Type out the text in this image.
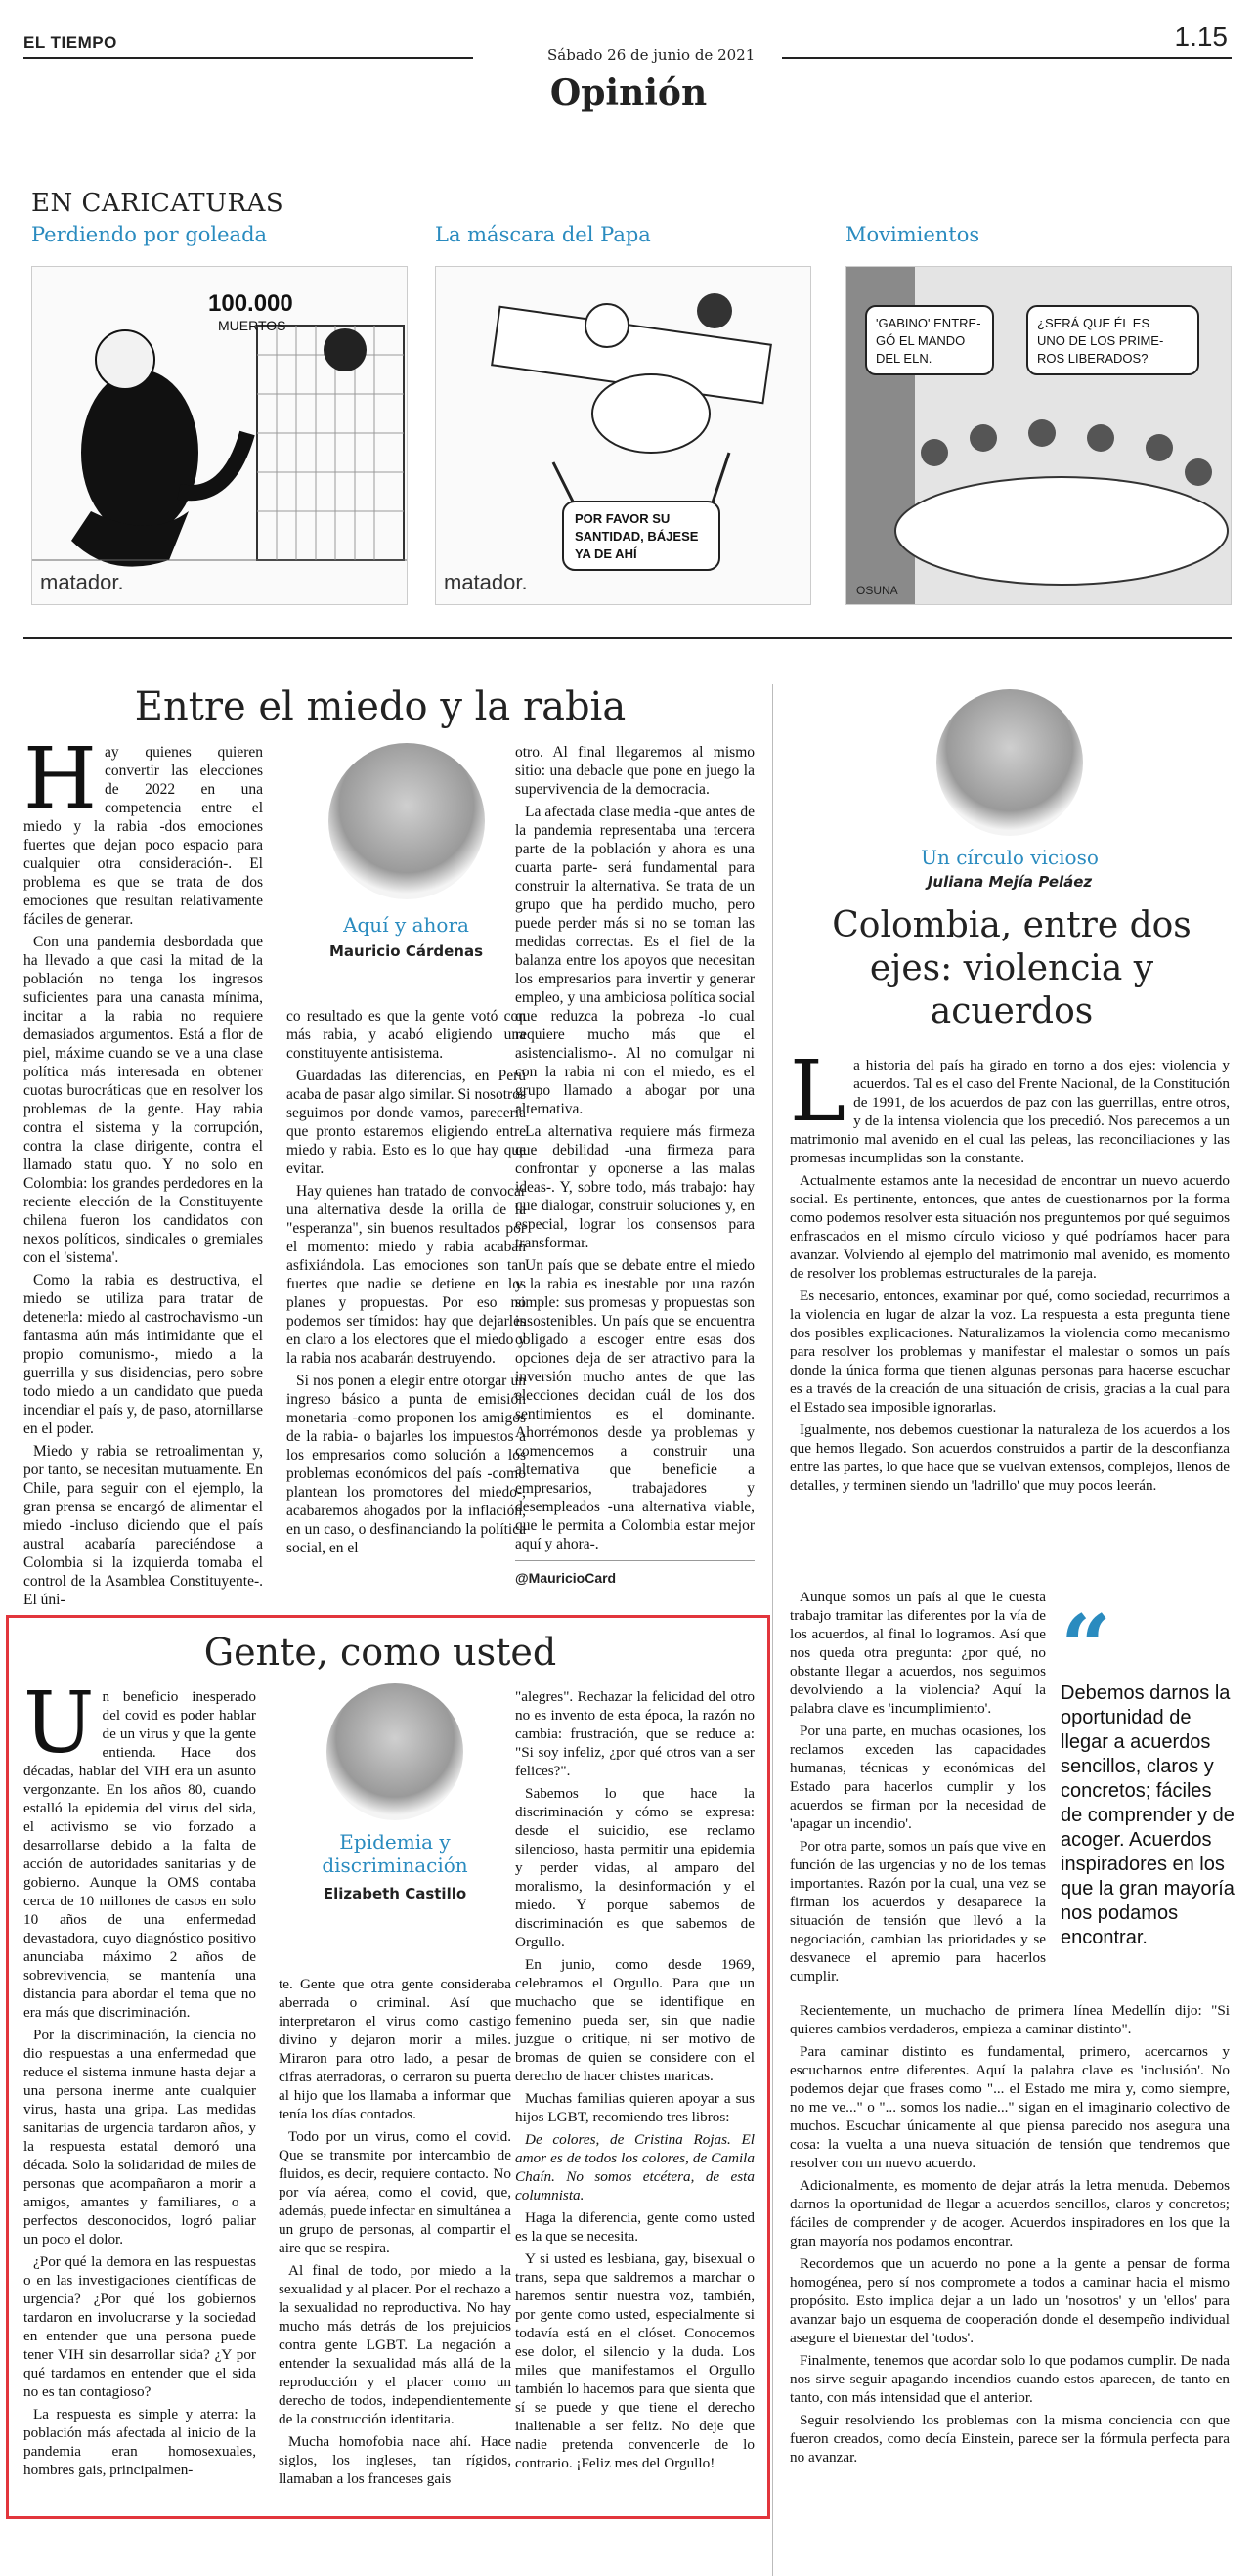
EL TIEMPO
Sábado 26 de junio de 2021
1.15
Opinión
EN CARICATURAS
Perdiendo por goleada
100.000
MUERTOS
matador.
La máscara del Papa
POR FAVOR SU
SANTIDAD, BÁJESE
YA DE AHÍ
matador.
Movimientos
'GABINO' ENTRE-
GÓ EL MANDO
DEL ELN.
¿SERÁ QUE ÉL ES
UNO DE LOS PRIME-
ROS LIBERADOS?
OSUNA
Entre el miedo y la rabia

Hay quienes quieren convertir las elecciones de 2022 en una competencia entre el miedo y la rabia -dos emociones fuertes que dejan poco espacio para cualquier otra consideración-. El problema es que se trata de dos emociones que resultan relativamente fáciles de generar.

Con una pandemia desbordada que ha llevado a que casi la mitad de la población no tenga los ingresos suficientes para una canasta mínima, incitar a la rabia no requiere demasiados argumentos. Está a flor de piel, máxime cuando se ve a una clase política más interesada en obtener cuotas burocráticas que en resolver los problemas de la gente. Hay rabia contra el sistema y la corrupción, contra la clase dirigente, contra el llamado statu quo. Y no solo en Colombia: los grandes perdedores en la reciente elección de la Constituyente chilena fueron los candidatos con nexos políticos, sindicales o gremiales con el 'sistema'.

Como la rabia es destructiva, el miedo se utiliza para tratar de detenerla: miedo al castrochavismo -un fantasma aún más intimidante que el propio comunismo-, miedo a la guerrilla y sus disidencias, pero sobre todo miedo a un candidato que pueda incendiar el país y, de paso, atornillarse en el poder.

Miedo y rabia se retroalimentan y, por tanto, se necesitan mutuamente. En Chile, para seguir con el ejemplo, la gran prensa se encargó de alimentar el miedo -incluso diciendo que el país austral acabaría pareciéndose a Colombia si la izquierda tomaba el control de la Asamblea Constituyente-. El úni-

Aquí y ahora
Mauricio Cárdenas

co resultado es que la gente votó con más rabia, y acabó eligiendo una constituyente antisistema.

Guardadas las diferencias, en Perú acaba de pasar algo similar. Si nosotros seguimos por donde vamos, parecería que pronto estaremos eligiendo entre miedo y rabia. Esto es lo que hay que evitar.

Hay quienes han tratado de convocar una alternativa desde la orilla de la "esperanza", sin buenos resultados por el momento: miedo y rabia acaban asfixiándola. Las emociones son tan fuertes que nadie se detiene en los planes y propuestas. Por eso no podemos ser tímidos: hay que dejarles en claro a los electores que el miedo y la rabia nos acabarán destruyendo.

Si nos ponen a elegir entre otorgar un ingreso básico a punta de emisión monetaria -como proponen los amigos de la rabia- o bajarles los impuestos a los empresarios como solución a los problemas económicos del país -como plantean los promotores del miedo-, acabaremos ahogados por la inflación, en un caso, o desfinanciando la política social, en el

otro. Al final llegaremos al mismo sitio: una debacle que pone en juego la supervivencia de la democracia.

La afectada clase media -que antes de la pandemia representaba una tercera parte de la población y ahora es una cuarta parte- será fundamental para construir la alternativa. Se trata de un grupo que ha perdido mucho, pero puede perder más si no se toman las medidas correctas. Es el fiel de la balanza entre los apoyos que necesitan los empresarios para invertir y generar empleo, y una ambiciosa política social que reduzca la pobreza -lo cual requiere mucho más que el asistencialismo-. Al no comulgar ni con la rabia ni con el miedo, es el grupo llamado a abogar por una alternativa.

La alternativa requiere más firmeza que debilidad -una firmeza para confrontar y oponerse a las malas ideas-. Y, sobre todo, más trabajo: hay que dialogar, construir soluciones y, en especial, lograr los consensos para transformar.

Un país que se debate entre el miedo y la rabia es inestable por una razón simple: sus promesas y propuestas son insostenibles. Un país que se encuentra obligado a escoger entre esas dos opciones deja de ser atractivo para la inversión mucho antes de que las elecciones decidan cuál de los dos sentimientos es el dominante. Ahorrémonos desde ya problemas y comencemos a construir una alternativa que beneficie a empresarios, trabajadores y desempleados -una alternativa viable, que le permita a Colombia estar mejor aquí y ahora-.

@MauricioCard
Un círculo vicioso
Juliana Mejía Peláez
Colombia, entre dos ejes: violencia y acuerdos

La historia del país ha girado en torno a dos ejes: violencia y acuerdos. Tal es el caso del Frente Nacional, de la Constitución de 1991, de los acuerdos de paz con las guerrillas, entre otros, y de la intensa violencia que los precedió. Nos parecemos a un matrimonio mal avenido en el cual las peleas, las reconciliaciones y las promesas incumplidas son la constante.

Actualmente estamos ante la necesidad de encontrar un nuevo acuerdo social. Es pertinente, entonces, que antes de cuestionarnos por la forma como podemos resolver esta situación nos preguntemos por qué seguimos enfrascados en el mismo círculo vicioso y qué podríamos hacer para avanzar. Volviendo al ejemplo del matrimonio mal avenido, es momento de resolver los problemas estructurales de la pareja.

Es necesario, entonces, examinar por qué, como sociedad, recurrimos a la violencia en lugar de alzar la voz. La respuesta a esta pregunta tiene dos posibles explicaciones. Naturalizamos la violencia como mecanismo para resolver los problemas y manifestar el malestar o somos un país donde la única forma que tienen algunas personas para hacerse escuchar es a través de la creación de una situación de crisis, gracias a la cual para el Estado sea imposible ignorarlas.

Igualmente, nos debemos cuestionar la naturaleza de los acuerdos a los que hemos llegado. Son acuerdos construidos a partir de la desconfianza entre las partes, lo que hace que se vuelvan extensos, complejos, llenos de detalles, y terminen siendo un 'ladrillo' que muy pocos leerán.

Aunque somos un país al que le cuesta trabajo tramitar las diferentes por la vía de los acuerdos, al final lo logramos. Así que nos queda otra pregunta: ¿por qué, no obstante llegar a acuerdos, nos seguimos devolviendo a la violencia? Aquí la palabra clave es 'incumplimiento'.

Por una parte, en muchas ocasiones, los reclamos exceden las capacidades humanas, técnicas y económicas del Estado para hacerlos cumplir y los acuerdos se firman por la necesidad de 'apagar un incendio'.

Por otra parte, somos un país que vive en función de las urgencias y no de los temas importantes. Razón por la cual, una vez se firman los acuerdos y desaparece la situación de tensión que llevó a la negociación, cambian las prioridades y se desvanece el apremio para hacerlos cumplir.

“
Debemos darnos la oportunidad de llegar a acuerdos sencillos, claros y concretos; fáciles de comprender y de acoger. Acuerdos inspiradores en los que la gran mayoría nos podamos encontrar.

Recientemente, un muchacho de primera línea Medellín dijo: "Si quieres cambios verdaderos, empieza a caminar distinto".

Para caminar distinto es fundamental, primero, acercarnos y escucharnos entre diferentes. Aquí la palabra clave es 'inclusión'. No podemos dejar que frases como "... el Estado me mira y, como siempre, no me ve..." o "... somos los nadie..." sigan en el imaginario colectivo de muchos. Escuchar únicamente al que piensa parecido nos asegura una cosa: la vuelta a una nueva situación de tensión que tendremos que resolver con un nuevo acuerdo.

Adicionalmente, es momento de dejar atrás la letra menuda. Debemos darnos la oportunidad de llegar a acuerdos sencillos, claros y concretos; fáciles de comprender y de acoger. Acuerdos inspiradores en los que la gran mayoría nos podamos encontrar.

Recordemos que un acuerdo no pone a la gente a pensar de forma homogénea, pero sí nos compromete a todos a caminar hacia el mismo propósito. Esto implica dejar a un lado un 'nosotros' y un 'ellos' para avanzar bajo un esquema de cooperación donde el desempeño individual asegure el bienestar del 'todos'.

Finalmente, tenemos que acordar solo lo que podamos cumplir. De nada nos sirve seguir apagando incendios cuando estos aparecen, de tanto en tanto, con más intensidad que el anterior.

Seguir resolviendo los problemas con la misma conciencia con que fueron creados, como decía Einstein, parece ser la fórmula perfecta para no avanzar.

Gente, como usted

Un beneficio inesperado del covid es poder hablar de un virus y que la gente entienda. Hace dos décadas, hablar del VIH era un asunto vergonzante. En los años 80, cuando estalló la epidemia del virus del sida, el activismo se vio forzado a desarrollarse debido a la falta de acción de autoridades sanitarias y de gobierno. Aunque la OMS contaba cerca de 10 millones de casos en solo 10 años de una enfermedad devastadora, cuyo diagnóstico positivo anunciaba máximo 2 años de sobrevivencia, se mantenía una distancia para abordar el tema que no era más que discriminación.

Por la discriminación, la ciencia no dio respuestas a una enfermedad que reduce el sistema inmune hasta dejar a una persona inerme ante cualquier virus, hasta una gripa. Las medidas sanitarias de urgencia tardaron años, y la respuesta estatal demoró una década. Solo la solidaridad de miles de personas que acompañaron a morir a amigos, amantes y familiares, o a perfectos desconocidos, logró paliar un poco el dolor.

¿Por qué la demora en las respuestas o en las investigaciones científicas de urgencia? ¿Por qué los gobiernos tardaron en involucrarse y la sociedad en entender que una persona puede tener VIH sin desarrollar sida? ¿Y por qué tardamos en entender que el sida no es tan contagioso?

La respuesta es simple y aterra: la población más afectada al inicio de la pandemia eran homosexuales, hombres gais, principalmen-

Epidemia y discriminación
Elizabeth Castillo

te. Gente que otra gente consideraba aberrada o criminal. Así que interpretaron el virus como castigo divino y dejaron morir a miles. Miraron para otro lado, a pesar de cifras aterradoras, o cerraron su puerta al hijo que los llamaba a informar que tenía los días contados.

Todo por un virus, como el covid. Que se transmite por intercambio de fluidos, es decir, requiere contacto. No por vía aérea, como el covid, que, además, puede infectar en simultánea a un grupo de personas, al compartir el aire que se respira.

Al final de todo, por miedo a la sexualidad y al placer. Por el rechazo a la sexualidad no reproductiva. No hay mucho más detrás de los prejuicios contra gente LGBT. La negación a entender la sexualidad más allá de la reproducción y el placer como un derecho de todos, independientemente de la construcción identitaria.

Mucha homofobia nace ahí. Hace siglos, los ingleses, tan rígidos, llamaban a los franceses gais

"alegres". Rechazar la felicidad del otro no es invento de esta época, la razón no cambia: frustración, que se reduce a: "Si soy infeliz, ¿por qué otros van a ser felices?".

Sabemos lo que hace la discriminación y cómo se expresa: desde el suicidio, ese reclamo silencioso, hasta permitir una epidemia y perder vidas, al amparo del moralismo, la desinformación y el miedo. Y porque sabemos de discriminación es que sabemos de Orgullo.

En junio, como desde 1969, celebramos el Orgullo. Para que un muchacho que se identifique en femenino pueda ser, sin que nadie juzgue o critique, ni ser motivo de bromas de quien se considere con el derecho de hacer chistes maricas.

Muchas familias quieren apoyar a sus hijos LGBT, recomiendo tres libros:

De colores, de Cristina Rojas. El amor es de todos los colores, de Camila Chaín. No somos etcétera, de esta columnista.

Haga la diferencia, gente como usted es la que se necesita.

Y si usted es lesbiana, gay, bisexual o trans, sepa que saldremos a marchar o haremos sentir nuestra voz, también, por gente como usted, especialmente si todavía está en el clóset. Conocemos ese dolor, el silencio y la duda. Los miles que manifestamos el Orgullo también lo hacemos para que sienta que sí se puede y que tiene el derecho inalienable a ser feliz. No deje que nadie pretenda convencerle de lo contrario. ¡Feliz mes del Orgullo!
